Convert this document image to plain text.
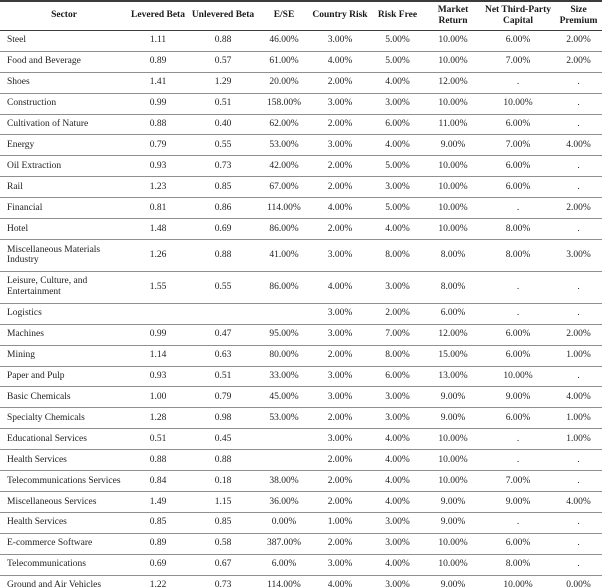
Sector	Levered Beta	Unlevered Beta	E/SE	Country Risk	Risk Free	Market Return	Net Third-Party Capital	Size Premium
Steel	1.11	0.88	46.00%	3.00%	5.00%	10.00%	6.00%	2.00%
Food and Beverage	0.89	0.57	61.00%	4.00%	5.00%	10.00%	7.00%	2.00%
Shoes	1.41	1.29	20.00%	2.00%	4.00%	12.00%	.	.
Construction	0.99	0.51	158.00%	3.00%	3.00%	10.00%	10.00%	.
Cultivation of Nature	0.88	0.40	62.00%	2.00%	6.00%	11.00%	6.00%	.
Energy	0.79	0.55	53.00%	3.00%	4.00%	9.00%	7.00%	4.00%
Oil Extraction	0.93	0.73	42.00%	2.00%	5.00%	10.00%	6.00%	.
Rail	1.23	0.85	67.00%	2.00%	3.00%	10.00%	6.00%	.
Financial	0.81	0.86	114.00%	4.00%	5.00%	10.00%	.	2.00%
Hotel	1.48	0.69	86.00%	2.00%	4.00%	10.00%	8.00%	.
Miscellaneous Materials Industry	1.26	0.88	41.00%	3.00%	8.00%	8.00%	8.00%	3.00%
Leisure, Culture, and Entertainment	1.55	0.55	86.00%	4.00%	3.00%	8.00%	.	.
Logistics				3.00%	2.00%	6.00%	.	.
Machines	0.99	0.47	95.00%	3.00%	7.00%	12.00%	6.00%	2.00%
Mining	1.14	0.63	80.00%	2.00%	8.00%	15.00%	6.00%	1.00%
Paper and Pulp	0.93	0.51	33.00%	3.00%	6.00%	13.00%	10.00%	.
Basic Chemicals	1.00	0.79	45.00%	3.00%	3.00%	9.00%	9.00%	4.00%
Specialty Chemicals	1.28	0.98	53.00%	2.00%	3.00%	9.00%	6.00%	1.00%
Educational Services	0.51	0.45		3.00%	4.00%	10.00%	.	1.00%
Health Services	0.88	0.88		2.00%	4.00%	10.00%	.	.
Telecommunications Services	0.84	0.18	38.00%	2.00%	4.00%	10.00%	7.00%	.
Miscellaneous Services	1.49	1.15	36.00%	2.00%	4.00%	9.00%	9.00%	4.00%
Health Services	0.85	0.85	0.00%	1.00%	3.00%	9.00%	.	.
E-commerce Software	0.89	0.58	387.00%	2.00%	3.00%	10.00%	6.00%	.
Telecommunications	0.69	0.67	6.00%	3.00%	4.00%	10.00%	8.00%	.
Ground and Air Vehicles	1.22	0.73	114.00%	4.00%	3.00%	9.00%	10.00%	0.00%
